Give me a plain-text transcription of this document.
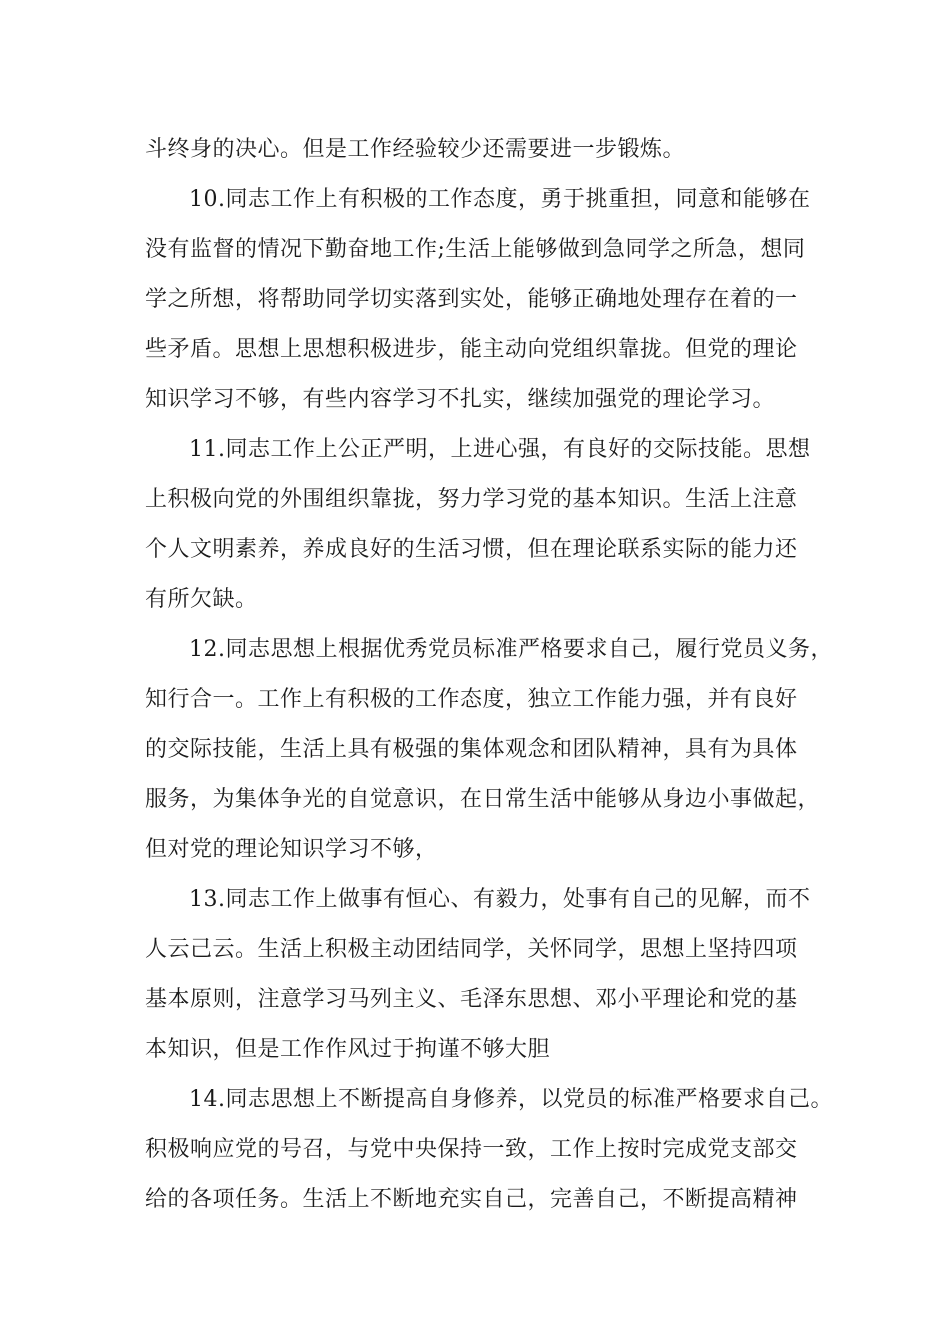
斗终身的决心。但是工作经验较少还需要进一步锻炼。
10.同志工作上有积极的工作态度，勇于挑重担，同意和能够在
没有监督的情况下勤奋地工作;生活上能够做到急同学之所急，想同
学之所想，将帮助同学切实落到实处，能够正确地处理存在着的一
些矛盾。思想上思想积极进步，能主动向党组织靠拢。但党的理论
知识学习不够，有些内容学习不扎实，继续加强党的理论学习。
11.同志工作上公正严明，上进心强，有良好的交际技能。思想
上积极向党的外围组织靠拢，努力学习党的基本知识。生活上注意
个人文明素养，养成良好的生活习惯，但在理论联系实际的能力还
有所欠缺。
12.同志思想上根据优秀党员标准严格要求自己，履行党员义务，
知行合一。工作上有积极的工作态度，独立工作能力强，并有良好
的交际技能，生活上具有极强的集体观念和团队精神，具有为具体
服务，为集体争光的自觉意识，在日常生活中能够从身边小事做起，
但对党的理论知识学习不够，
13.同志工作上做事有恒心、有毅力，处事有自己的见解，而不
人云己云。生活上积极主动团结同学，关怀同学，思想上坚持四项
基本原则，注意学习马列主义、毛泽东思想、邓小平理论和党的基
本知识，但是工作作风过于拘谨不够大胆
14.同志思想上不断提高自身修养，以党员的标准严格要求自己。
积极响应党的号召，与党中央保持一致，工作上按时完成党支部交
给的各项任务。生活上不断地充实自己，完善自己，不断提高精神
